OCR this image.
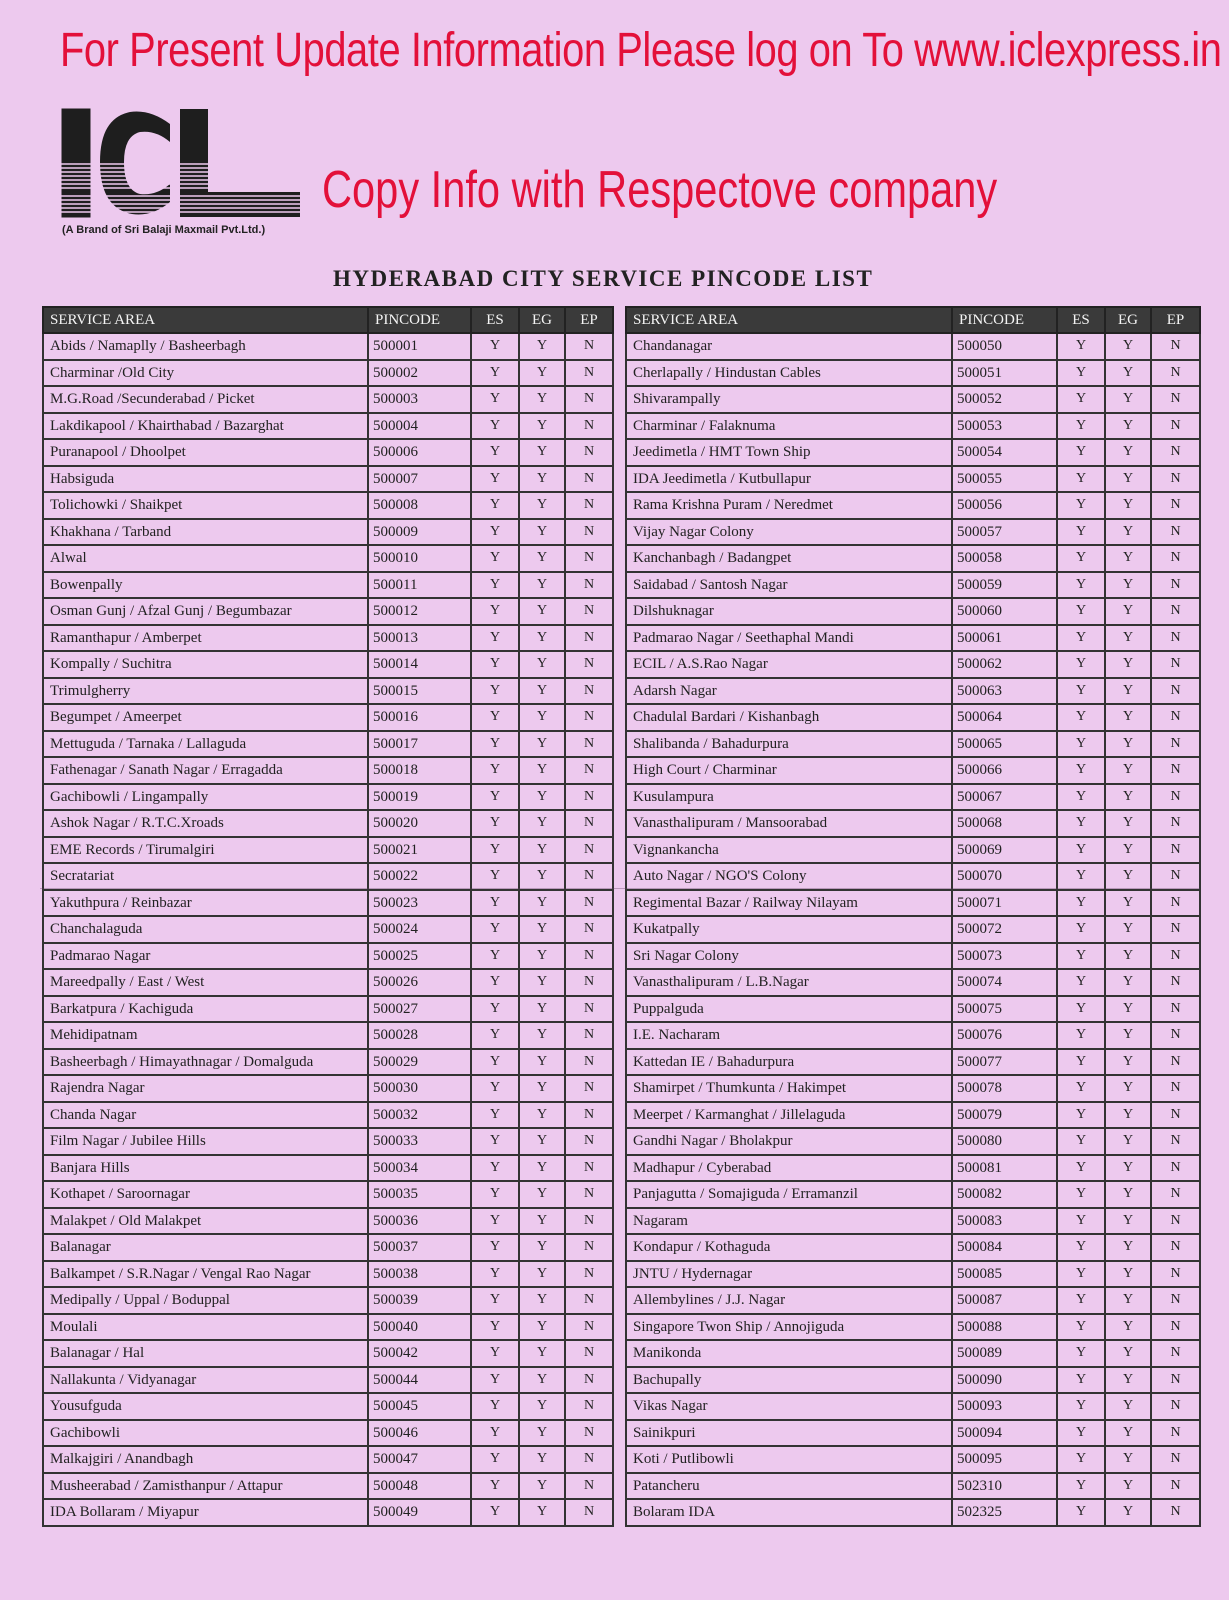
For Present Update Information Please log on To www.iclexpress.in
(A Brand of Sri Balaji Maxmail Pvt.Ltd.)
Copy Info with Respectove company
HYDERABAD CITY SERVICE PINCODE LIST
SERVICE AREA	PINCODE	ES	EG	EP
Abids / Namaplly / Basheerbagh	500001	Y	Y	N
Charminar /Old City	500002	Y	Y	N
M.G.Road /Secunderabad / Picket	500003	Y	Y	N
Lakdikapool / Khairthabad / Bazarghat	500004	Y	Y	N
Puranapool / Dhoolpet	500006	Y	Y	N
Habsiguda	500007	Y	Y	N
Tolichowki / Shaikpet	500008	Y	Y	N
Khakhana / Tarband	500009	Y	Y	N
Alwal	500010	Y	Y	N
Bowenpally	500011	Y	Y	N
Osman Gunj / Afzal Gunj / Begumbazar	500012	Y	Y	N
Ramanthapur / Amberpet	500013	Y	Y	N
Kompally / Suchitra	500014	Y	Y	N
Trimulgherry	500015	Y	Y	N
Begumpet / Ameerpet	500016	Y	Y	N
Mettuguda / Tarnaka / Lallaguda	500017	Y	Y	N
Fathenagar / Sanath Nagar / Erragadda	500018	Y	Y	N
Gachibowli / Lingampally	500019	Y	Y	N
Ashok Nagar / R.T.C.Xroads	500020	Y	Y	N
EME Records / Tirumalgiri	500021	Y	Y	N
Secratariat	500022	Y	Y	N
Yakuthpura / Reinbazar	500023	Y	Y	N
Chanchalaguda	500024	Y	Y	N
Padmarao Nagar	500025	Y	Y	N
Mareedpally / East / West	500026	Y	Y	N
Barkatpura / Kachiguda	500027	Y	Y	N
Mehidipatnam	500028	Y	Y	N
Basheerbagh / Himayathnagar / Domalguda	500029	Y	Y	N
Rajendra Nagar	500030	Y	Y	N
Chanda Nagar	500032	Y	Y	N
Film Nagar / Jubilee Hills	500033	Y	Y	N
Banjara Hills	500034	Y	Y	N
Kothapet / Saroornagar	500035	Y	Y	N
Malakpet / Old Malakpet	500036	Y	Y	N
Balanagar	500037	Y	Y	N
Balkampet / S.R.Nagar / Vengal Rao Nagar	500038	Y	Y	N
Medipally / Uppal / Boduppal	500039	Y	Y	N
Moulali	500040	Y	Y	N
Balanagar / Hal	500042	Y	Y	N
Nallakunta / Vidyanagar	500044	Y	Y	N
Yousufguda	500045	Y	Y	N
Gachibowli	500046	Y	Y	N
Malkajgiri / Anandbagh	500047	Y	Y	N
Musheerabad / Zamisthanpur / Attapur	500048	Y	Y	N
IDA Bollaram / Miyapur	500049	Y	Y	N
SERVICE AREA	PINCODE	ES	EG	EP
Chandanagar	500050	Y	Y	N
Cherlapally / Hindustan Cables	500051	Y	Y	N
Shivarampally	500052	Y	Y	N
Charminar / Falaknuma	500053	Y	Y	N
Jeedimetla / HMT Town Ship	500054	Y	Y	N
IDA Jeedimetla / Kutbullapur	500055	Y	Y	N
Rama Krishna Puram / Neredmet	500056	Y	Y	N
Vijay Nagar Colony	500057	Y	Y	N
Kanchanbagh / Badangpet	500058	Y	Y	N
Saidabad / Santosh Nagar	500059	Y	Y	N
Dilshuknagar	500060	Y	Y	N
Padmarao Nagar / Seethaphal Mandi	500061	Y	Y	N
ECIL / A.S.Rao Nagar	500062	Y	Y	N
Adarsh Nagar	500063	Y	Y	N
Chadulal Bardari / Kishanbagh	500064	Y	Y	N
Shalibanda / Bahadurpura	500065	Y	Y	N
High Court / Charminar	500066	Y	Y	N
Kusulampura	500067	Y	Y	N
Vanasthalipuram / Mansoorabad	500068	Y	Y	N
Vignankancha	500069	Y	Y	N
Auto Nagar / NGO'S Colony	500070	Y	Y	N
Regimental Bazar / Railway Nilayam	500071	Y	Y	N
Kukatpally	500072	Y	Y	N
Sri Nagar Colony	500073	Y	Y	N
Vanasthalipuram / L.B.Nagar	500074	Y	Y	N
Puppalguda	500075	Y	Y	N
I.E. Nacharam	500076	Y	Y	N
Kattedan IE / Bahadurpura	500077	Y	Y	N
Shamirpet / Thumkunta / Hakimpet	500078	Y	Y	N
Meerpet / Karmanghat / Jillelaguda	500079	Y	Y	N
Gandhi Nagar / Bholakpur	500080	Y	Y	N
Madhapur / Cyberabad	500081	Y	Y	N
Panjagutta / Somajiguda / Erramanzil	500082	Y	Y	N
Nagaram	500083	Y	Y	N
Kondapur / Kothaguda	500084	Y	Y	N
JNTU / Hydernagar	500085	Y	Y	N
Allembylines / J.J. Nagar	500087	Y	Y	N
Singapore Twon Ship / Annojiguda	500088	Y	Y	N
Manikonda	500089	Y	Y	N
Bachupally	500090	Y	Y	N
Vikas Nagar	500093	Y	Y	N
Sainikpuri	500094	Y	Y	N
Koti / Putlibowli	500095	Y	Y	N
Patancheru	502310	Y	Y	N
Bolaram IDA	502325	Y	Y	N
